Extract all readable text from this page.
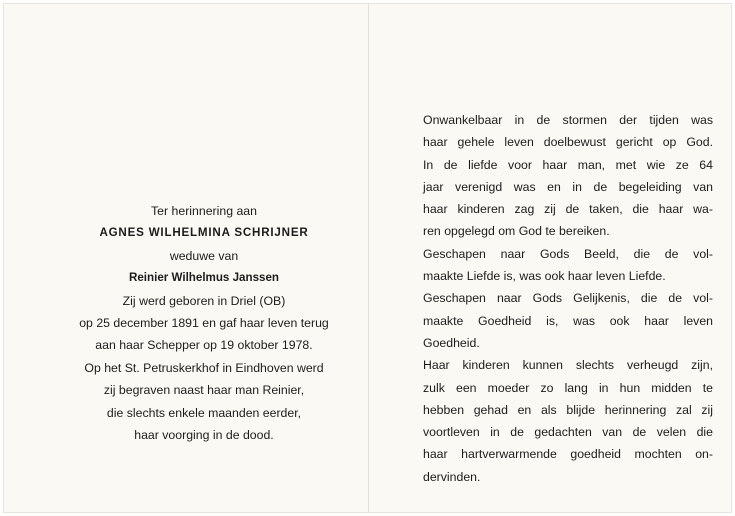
Ter herinnering aan
AGNES WILHELMINA SCHRIJNER
weduwe van
Reinier Wilhelmus Janssen
Zij werd geboren in Driel (OB)
op 25 december 1891 en gaf haar leven terug
aan haar Schepper op 19 oktober 1978.
Op het St. Petruskerkhof in Eindhoven werd
zij begraven naast haar man Reinier,
die slechts enkele maanden eerder,
haar voorging in de dood.
Onwankelbaar in de stormen der tijden was
haar gehele leven doelbewust gericht op God.
In de liefde voor haar man, met wie ze 64
jaar verenigd was en in de begeleiding van
haar kinderen zag zij de taken, die haar wa-
ren opgelegd om God te bereiken.
Geschapen naar Gods Beeld, die de vol-
maakte Liefde is, was ook haar leven Liefde.
Geschapen naar Gods Gelijkenis, die de vol-
maakte Goedheid is, was ook haar leven
Goedheid.
Haar kinderen kunnen slechts verheugd zijn,
zulk een moeder zo lang in hun midden te
hebben gehad en als blijde herinnering zal zij
voortleven in de gedachten van de velen die
haar hartverwarmende goedheid mochten on-
dervinden.
